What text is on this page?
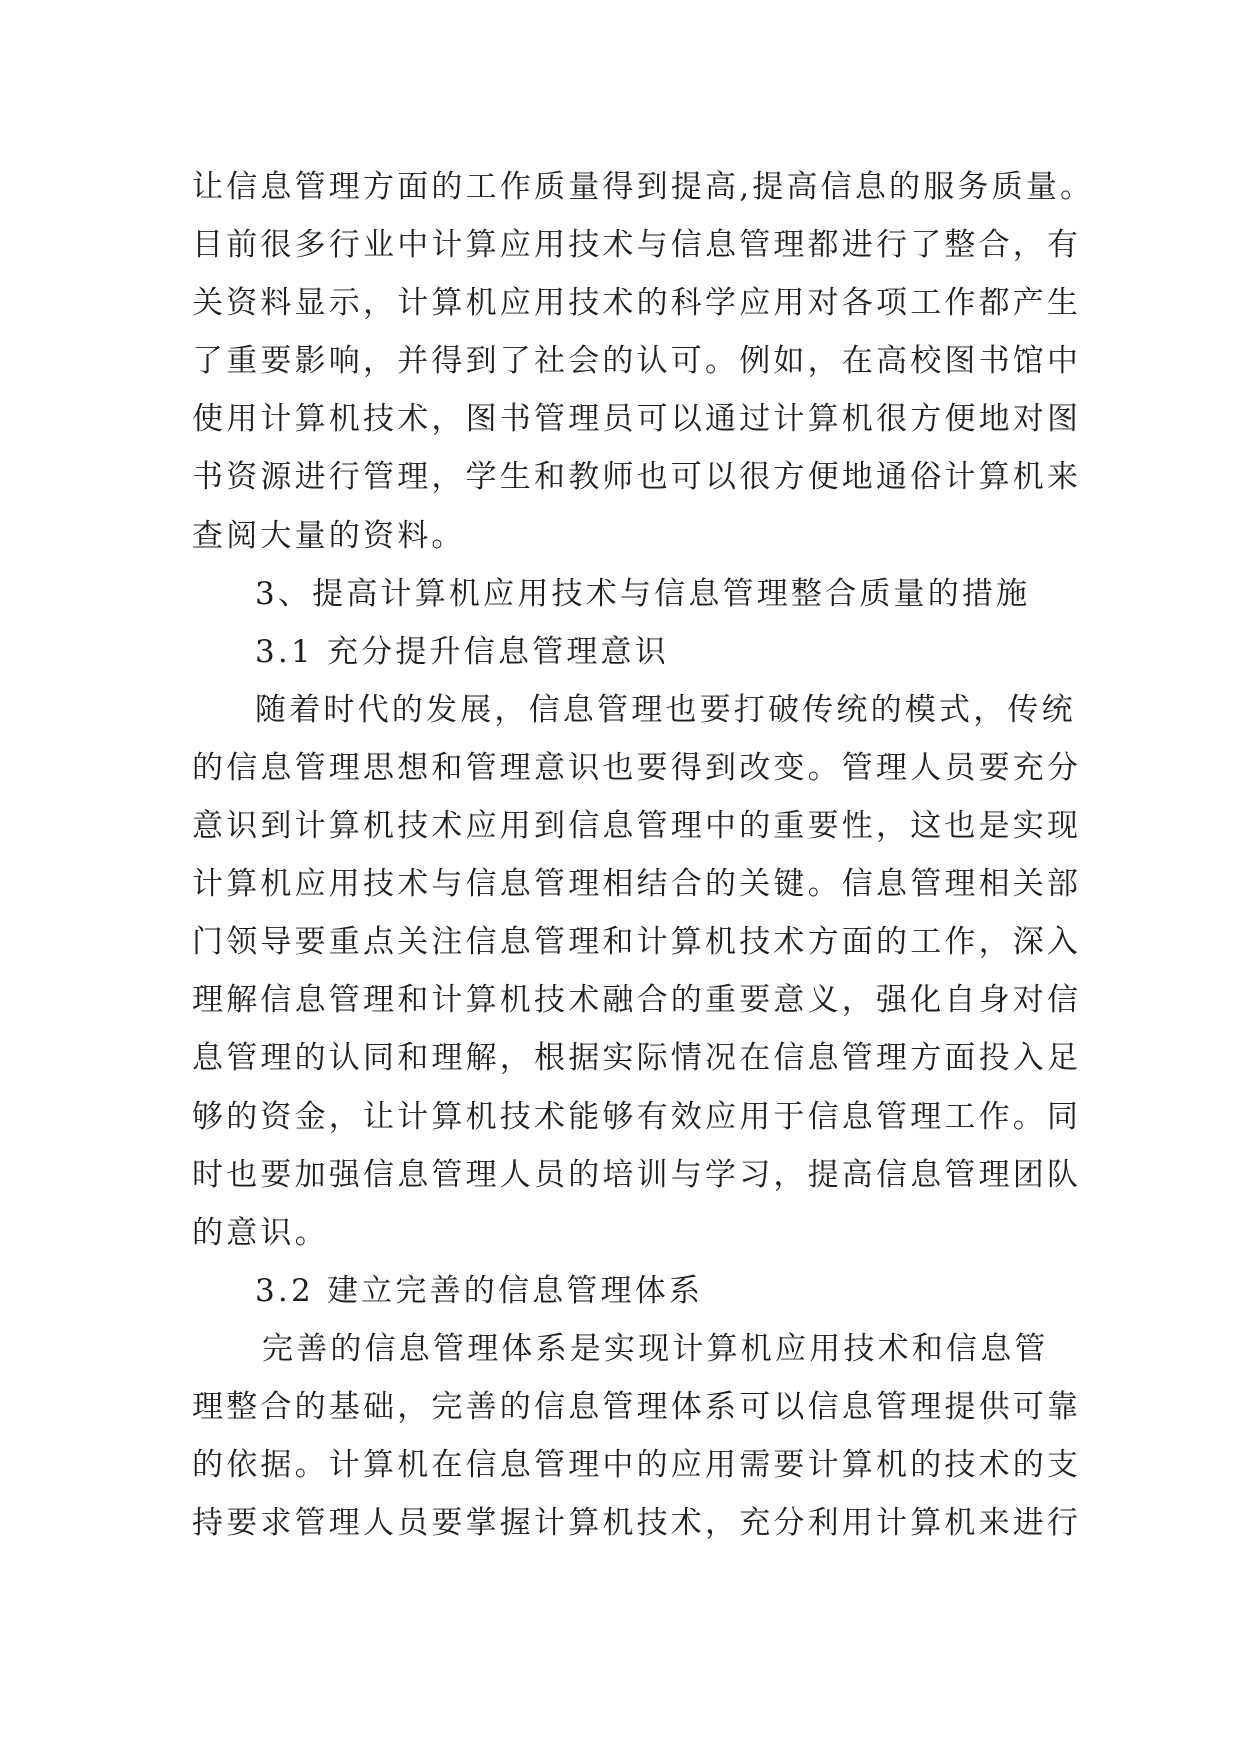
让信息管理方面的工作质量得到提高,提高信息的服务质量。
目前很多行业中计算应用技术与信息管理都进行了整合，有
关资料显示，计算机应用技术的科学应用对各项工作都产生
了重要影响，并得到了社会的认可。例如，在高校图书馆中
使用计算机技术，图书管理员可以通过计算机很方便地对图
书资源进行管理，学生和教师也可以很方便地通俗计算机来
查阅大量的资料。
3、提高计算机应用技术与信息管理整合质量的措施
3.1 充分提升信息管理意识
随着时代的发展，信息管理也要打破传统的模式，传统
的信息管理思想和管理意识也要得到改变。管理人员要充分
意识到计算机技术应用到信息管理中的重要性，这也是实现
计算机应用技术与信息管理相结合的关键。信息管理相关部
门领导要重点关注信息管理和计算机技术方面的工作，深入
理解信息管理和计算机技术融合的重要意义，强化自身对信
息管理的认同和理解，根据实际情况在信息管理方面投入足
够的资金，让计算机技术能够有效应用于信息管理工作。同
时也要加强信息管理人员的培训与学习，提高信息管理团队
的意识。
3.2 建立完善的信息管理体系
完善的信息管理体系是实现计算机应用技术和信息管
理整合的基础，完善的信息管理体系可以信息管理提供可靠
的依据。计算机在信息管理中的应用需要计算机的技术的支
持要求管理人员要掌握计算机技术，充分利用计算机来进行
